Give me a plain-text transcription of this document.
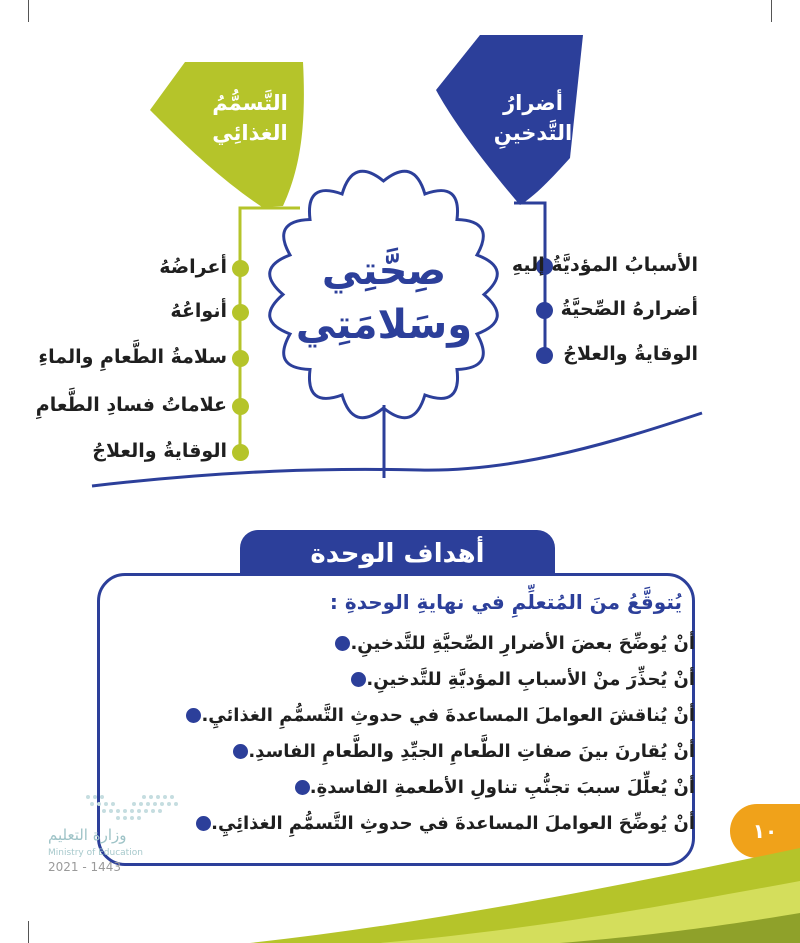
التَّسمُّمُ
الغذائِي
أضرارُ
التَّدخينِ
صِحَّتِي
وسَلامَتِي
أعراضُهُ
أنواعُهُ
سلامةُ الطَّعامِ والماءِ
علاماتُ فسادِ الطَّعامِ
الوقايةُ والعلاجُ
الأسبابُ المؤديَّةُ إليهِ
أضرارهُ الصِّحيَّةُ
الوقايةُ والعلاجُ
أهداف الوحدة
يُتوقَّعُ منَ المُتعلِّمِ في نهايةِ الوحدةِ :
أنْ يُوضِّحَ بعضَ الأضرارِ الصِّحيَّةِ للتَّدخينِ.
أنْ يُحذِّرَ منْ الأسبابِ المؤديَّةِ للتَّدخينِ.
أنْ يُناقشَ العواملَ المساعدةَ في حدوثِ التَّسمُّمِ الغذائيِ.
أنْ يُقارنَ بينَ صفاتِ الطَّعامِ الجيِّدِ والطَّعامِ الفاسدِ.
أنْ يُعلِّلَ سببَ تجنُّبِ تناولِ الأطعمةِ الفاسدةِ.
أنْ يُوضِّحَ العواملَ المساعدةَ في حدوثِ التَّسمُّمِ الغذائِيِ.	١٠
وزارة التعليم
Ministry of Education
2021 - 1443
